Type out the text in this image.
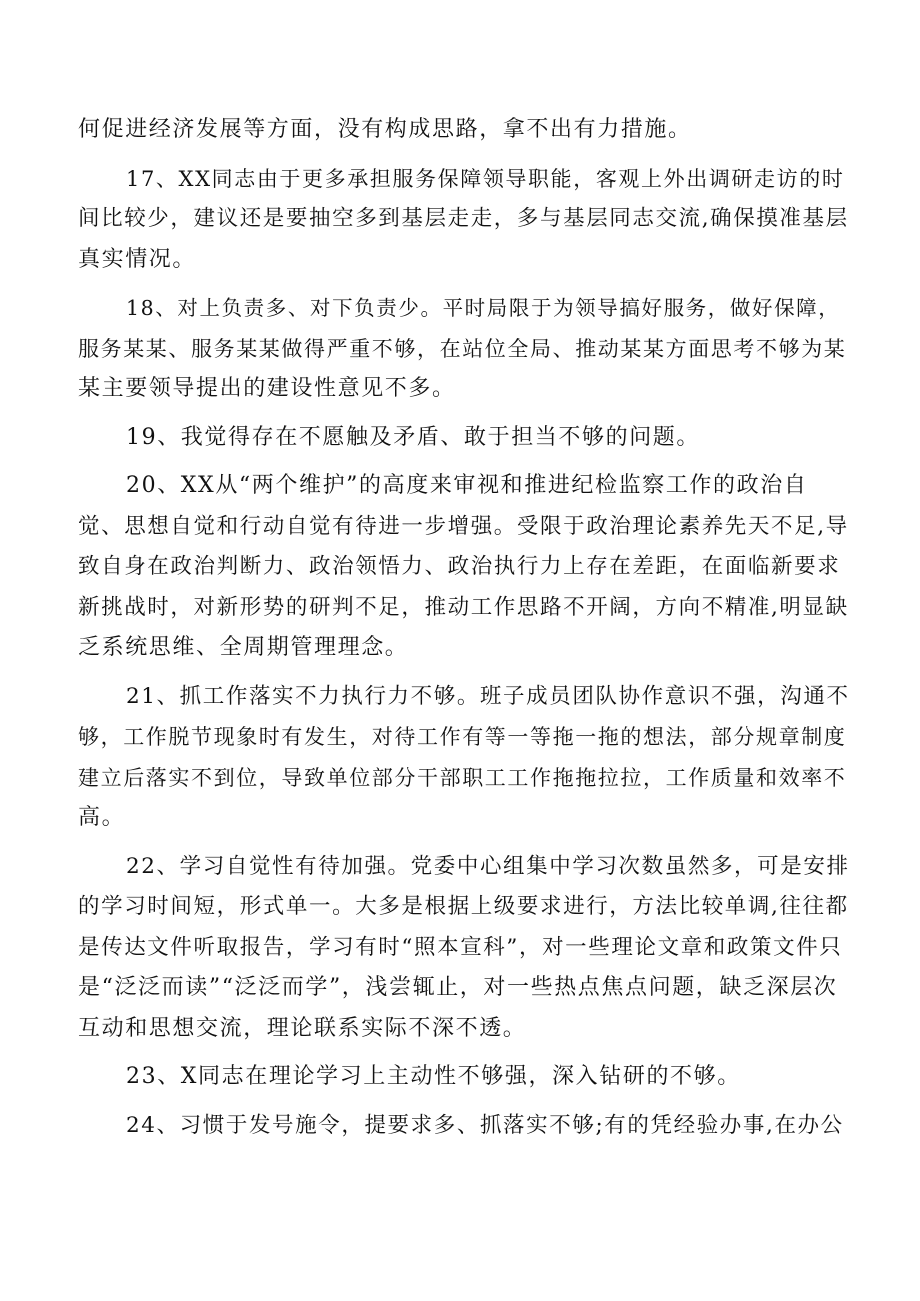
何促进经济发展等方面，没有构成思路，拿不出有力措施。

17、XX同志由于更多承担服务保障领导职能，客观上外出调研走访的时
间比较少，建议还是要抽空多到基层走走，多与基层同志交流,确保摸准基层
真实情况。

18、对上负责多、对下负责少。平时局限于为领导搞好服务，做好保障，
服务某某、服务某某做得严重不够，在站位全局、推动某某方面思考不够为某
某主要领导提出的建设性意见不多。

19、我觉得存在不愿触及矛盾、敢于担当不够的问题。

20、XX从“两个维护”的高度来审视和推进纪检监察工作的政治自
觉、思想自觉和行动自觉有待进一步增强。受限于政治理论素养先天不足,导
致自身在政治判断力、政治领悟力、政治执行力上存在差距，在面临新要求
新挑战时，对新形势的研判不足，推动工作思路不开阔，方向不精准,明显缺
乏系统思维、全周期管理理念。

21、抓工作落实不力执行力不够。班子成员团队协作意识不强，沟通不
够，工作脱节现象时有发生，对待工作有等一等拖一拖的想法，部分规章制度
建立后落实不到位，导致单位部分干部职工工作拖拖拉拉，工作质量和效率不
高。

22、学习自觉性有待加强。党委中心组集中学习次数虽然多，可是安排
的学习时间短，形式单一。大多是根据上级要求进行，方法比较单调,往往都
是传达文件听取报告，学习有时“照本宣科”，对一些理论文章和政策文件只
是“泛泛而读”“泛泛而学”，浅尝辄止，对一些热点焦点问题，缺乏深层次
互动和思想交流，理论联系实际不深不透。

23、X同志在理论学习上主动性不够强，深入钻研的不够。

24、习惯于发号施令，提要求多、抓落实不够;有的凭经验办事,在办公
